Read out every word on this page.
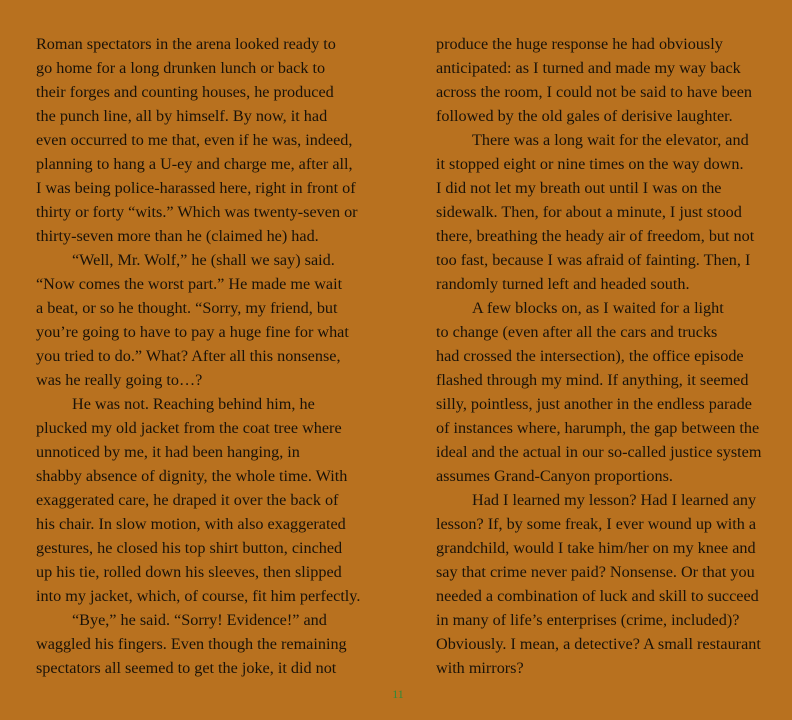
Roman spectators in the arena looked ready to
go home for a long drunken lunch or back to
their forges and counting houses, he produced
the punch line, all by himself. By now, it had
even occurred to me that, even if he was, indeed,
planning to hang a U-ey and charge me, after all,
I was being police-harassed here, right in front of
thirty or forty “wits.” Which was twenty-seven or
thirty-seven more than he (claimed he) had.
“Well, Mr. Wolf,” he (shall we say) said.
“Now comes the worst part.” He made me wait
a beat, or so he thought. “Sorry, my friend, but
you’re going to have to pay a huge fine for what
you tried to do.” What? After all this nonsense,
was he really going to…?
He was not. Reaching behind him, he
plucked my old jacket from the coat tree where
unnoticed by me, it had been hanging, in
shabby absence of dignity, the whole time. With
exaggerated care, he draped it over the back of
his chair. In slow motion, with also exaggerated
gestures, he closed his top shirt button, cinched
up his tie, rolled down his sleeves, then slipped
into my jacket, which, of course, fit him perfectly.
“Bye,” he said. “Sorry! Evidence!” and
waggled his fingers. Even though the remaining
spectators all seemed to get the joke, it did not
produce the huge response he had obviously
anticipated: as I turned and made my way back
across the room, I could not be said to have been
followed by the old gales of derisive laughter.
There was a long wait for the elevator, and
it stopped eight or nine times on the way down.
I did not let my breath out until I was on the
sidewalk. Then, for about a minute, I just stood
there, breathing the heady air of freedom, but not
too fast, because I was afraid of fainting. Then, I
randomly turned left and headed south.
A few blocks on, as I waited for a light
to change (even after all the cars and trucks
had crossed the intersection), the office episode
flashed through my mind. If anything, it seemed
silly, pointless, just another in the endless parade
of instances where, harumph, the gap between the
ideal and the actual in our so-called justice system
assumes Grand-Canyon proportions.
Had I learned my lesson? Had I learned any
lesson? If, by some freak, I ever wound up with a
grandchild, would I take him/her on my knee and
say that crime never paid? Nonsense. Or that you
needed a combination of luck and skill to succeed
in many of life’s enterprises (crime, included)?
Obviously. I mean, a detective? A small restaurant
with mirrors?
11
